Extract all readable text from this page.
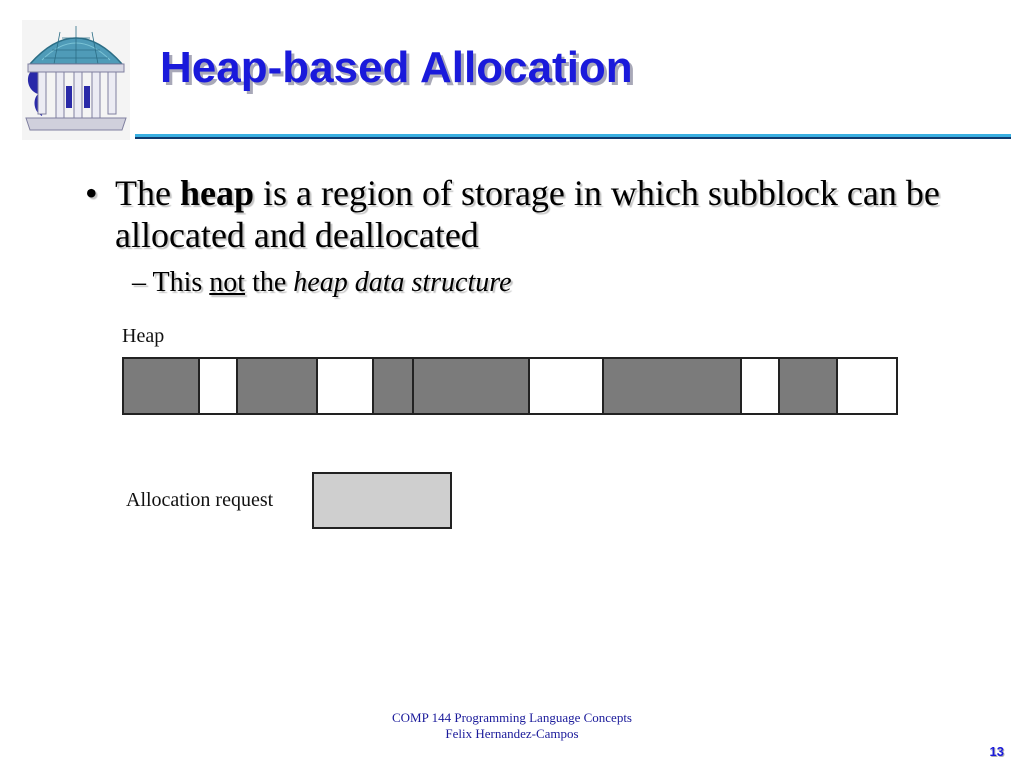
Heap-based Allocation
• The heap is a region of storage in which subblock can be allocated and deallocated
– This not the heap data structure
Heap
Allocation request
COMP 144 Programming Language Concepts
Felix Hernandez-Campos
13
